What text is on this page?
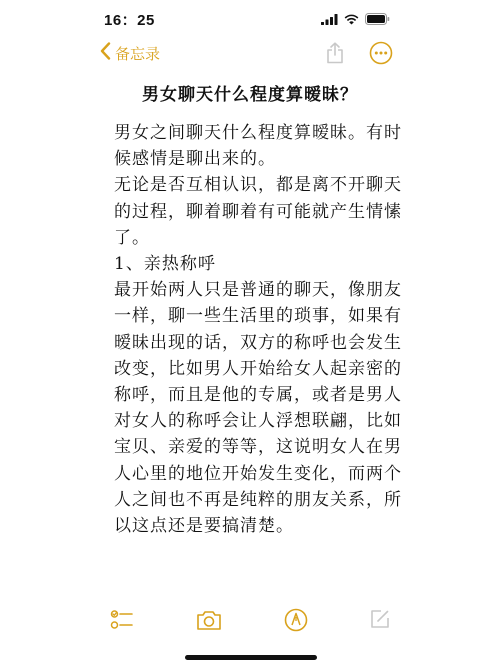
16：25
备忘录
男女聊天什么程度算暧昧？

男女之间聊天什么程度算暧昧。有时候感情是聊出来的。

无论是否互相认识，都是离不开聊天的过程，聊着聊着有可能就产生情愫了。

1、亲热称呼

最开始两人只是普通的聊天，像朋友一样，聊一些生活里的琐事，如果有暧昧出现的话，双方的称呼也会发生改变，比如男人开始给女人起亲密的称呼，而且是他的专属，或者是男人对女人的称呼会让人浮想联翩，比如宝贝、亲爱的等等，这说明女人在男人心里的地位开始发生变化，而两个人之间也不再是纯粹的朋友关系，所以这点还是要搞清楚。
